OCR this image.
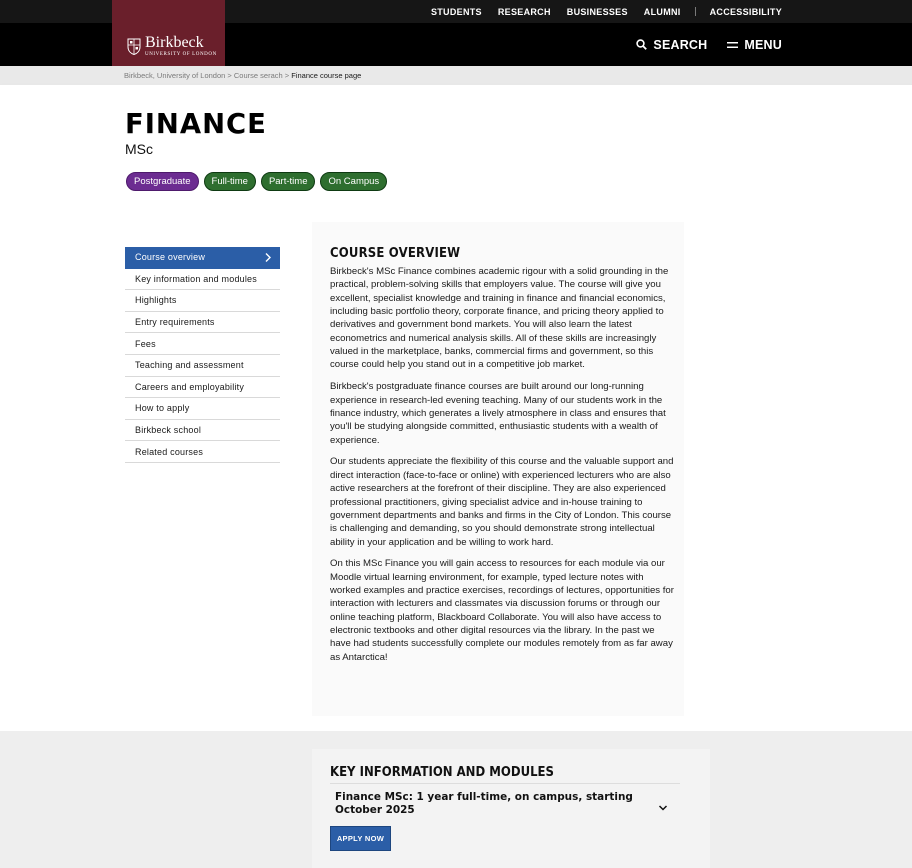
STUDENTS	RESEARCH	BUSINESSES	ALUMNI	ACCESSIBILITY
Birkbeck
UNIVERSITY OF LONDON
SEARCH	MENU
Birkbeck, University of London > Course serach > Finance course page
FINANCE
MSc
Postgraduate	Full-time	Part-time	On Campus
Course overview
Key information and modules
Highlights
Entry requirements
Fees
Teaching and assessment
Careers and employability
How to apply
Birkbeck school
Related courses
COURSE OVERVIEW

Birkbeck's MSc Finance combines academic rigour with a solid grounding in the practical, problem-solving skills that employers value. The course will give you excellent, specialist knowledge and training in finance and financial economics, including basic portfolio theory, corporate finance, and pricing theory applied to derivatives and government bond markets. You will also learn the latest econometrics and numerical analysis skills. All of these skills are increasingly valued in the marketplace, banks, commercial firms and government, so this course could help you stand out in a competitive job market.

Birkbeck's postgraduate finance courses are built around our long-running experience in research-led evening teaching. Many of our students work in the finance industry, which generates a lively atmosphere in class and ensures that you'll be studying alongside committed, enthusiastic students with a wealth of experience.

Our students appreciate the flexibility of this course and the valuable support and direct interaction (face-to-face or online) with experienced lecturers who are also active researchers at the forefront of their discipline. They are also experienced professional practitioners, giving specialist advice and in-house training to government departments and banks and firms in the City of London. This course is challenging and demanding, so you should demonstrate strong intellectual ability in your application and be willing to work hard.

On this MSc Finance you will gain access to resources for each module via our Moodle virtual learning environment, for example, typed lecture notes with worked examples and practice exercises, recordings of lectures, opportunities for interaction with lecturers and classmates via discussion forums or through our online teaching platform, Blackboard Collaborate. You will also have access to electronic textbooks and other digital resources via the library. In the past we have had students successfully complete our modules remotely from as far away as Antarctica!

KEY INFORMATION AND MODULES
Finance MSc: 1 year full-time, on campus, starting October 2025
APPLY NOW
